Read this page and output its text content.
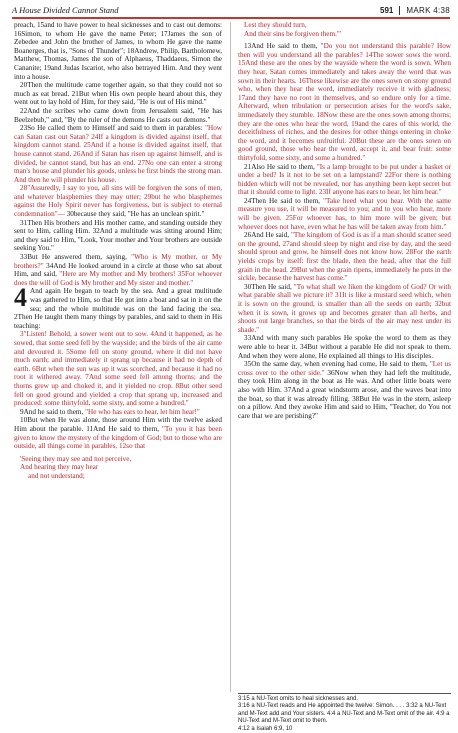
A House Divided Cannot Stand	591 MARK 4:38

preach, 15and to have power to heal sicknesses and to cast out demons: 16Simon, to whom He gave the name Peter; 17James the son of Zebedee and John the brother of James, to whom He gave the name Boanerges, that is, "Sons of Thunder"; 18Andrew, Philip, Bartholomew, Matthew, Thomas, James the son of Alphaeus, Thaddaeus, Simon the Cananite; 19and Judas Iscariot, who also betrayed Him. And they went into a house.

20Then the multitude came together again, so that they could not so much as eat bread. 21But when His own people heard about this, they went out to lay hold of Him, for they said, "He is out of His mind."

22And the scribes who came down from Jerusalem said, "He has Beelzebub," and, "By the ruler of the demons He casts out demons."

23So He called them to Himself and said to them in parables: "How can Satan cast out Satan? 24If a kingdom is divided against itself, that kingdom cannot stand. 25And if a house is divided against itself, that house cannot stand. 26And if Satan has risen up against himself, and is divided, he cannot stand, but has an end. 27No one can enter a strong man's house and plunder his goods, unless he first binds the strong man. And then he will plunder his house.

28"Assuredly, I say to you, all sins will be forgiven the sons of men, and whatever blasphemies they may utter; 29but he who blasphemes against the Holy Spirit never has forgiveness, but is subject to eternal condemnation"— 30because they said, "He has an unclean spirit."

31Then His brothers and His mother came, and standing outside they sent to Him, calling Him. 32And a multitude was sitting around Him; and they said to Him, "Look, Your mother and Your brothers are outside seeking You."

33But He answered them, saying, "Who is My mother, or My brothers?" 34And He looked around in a circle at those who sat about Him, and said, "Here are My mother and My brothers! 35For whoever does the will of God is My brother and My sister and mother."

4 And again He began to teach by the sea. And a great multitude was gathered to Him, so that He got into a boat and sat in it on the sea; and the whole multitude was on the land facing the sea. 2Then He taught them many things by parables, and said to them in His teaching:

3"Listen! Behold, a sower went out to sow. 4And it happened, as he sowed, that some seed fell by the wayside; and the birds of the air came and devoured it. 5Some fell on stony ground, where it did not have much earth; and immediately it sprang up because it had no depth of earth. 6But when the sun was up it was scorched, and because it had no root it withered away. 7And some seed fell among thorns; and the thorns grew up and choked it, and it yielded no crop. 8But other seed fell on good ground and yielded a crop that sprang up, increased and produced: some thirtyfold, some sixty, and some a hundred."

9And he said to them, "He who has ears to hear, let him hear!"

10But when He was alone, those around Him with the twelve asked Him about the parable. 11And He said to them, "To you it has been given to know the mystery of the kingdom of God; but to those who are outside, all things come in parables, 12so that

'Seeing they may see and not perceive,
And hearing they may hear
and not understand;
Lest they should turn,
And their sins be forgiven them.'"

13And He said to them, "Do you not understand this parable? How then will you understand all the parables? 14The sower sows the word. 15And these are the ones by the wayside where the word is sown. When they hear, Satan comes immediately and takes away the word that was sown in their hearts. 16These likewise are the ones sown on stony ground who, when they hear the word, immediately receive it with gladness; 17and they have no root in themselves, and so endure only for a time. Afterward, when tribulation or persecution arises for the word's sake, immediately they stumble. 18Now these are the ones sown among thorns; they are the ones who hear the word, 19and the cares of this world, the deceitfulness of riches, and the desires for other things entering in choke the word, and it becomes unfruitful. 20But these are the ones sown on good ground, those who hear the word, accept it, and bear fruit: some thirtyfold, some sixty, and some a hundred."

21Also He said to them, "Is a lamp brought to be put under a basket or under a bed? Is it not to be set on a lampstand? 22For there is nothing hidden which will not be revealed, nor has anything been kept secret but that it should come to light. 23If anyone has ears to hear, let him hear."

24Then He said to them, "Take heed what you hear. With the same measure you use, it will be measured to you; and to you who hear, more will be given. 25For whoever has, to him more will be given; but whoever does not have, even what he has will be taken away from him."

26And He said, "The kingdom of God is as if a man should scatter seed on the ground, 27and should sleep by night and rise by day, and the seed should sprout and grow, he himself does not know how. 28For the earth yields crops by itself: first the blade, then the head, after that the full grain in the head. 29But when the grain ripens, immediately he puts in the sickle, because the harvest has come."

30Then He said, "To what shall we liken the kingdom of God? Or with what parable shall we picture it? 31It is like a mustard seed which, when it is sown on the ground, is smaller than all the seeds on earth; 32but when it is sown, it grows up and becomes greater than all herbs, and shoots out large branches, so that the birds of the air may nest under its shade."

33And with many such parables He spoke the word to them as they were able to hear it. 34But without a parable He did not speak to them. And when they were alone, He explained all things to His disciples.

35On the same day, when evening had come, He said to them, "Let us cross over to the other side." 36Now when they had left the multitude, they took Him along in the boat as He was. And other little boats were also with Him. 37And a great windstorm arose, and the waves beat into the boat, so that it was already filling. 38But He was in the stern, asleep on a pillow. And they awoke Him and said to Him, "Teacher, do You not care that we are perishing?"

3:15 a NU-Text omits to heal sicknesses and.

3:16 a NU-Text reads and He appointed the twelve: Simon. . . . 3:32 a NU-Text and M-Text add and Your sisters. 4:4 a NU-Text and M-Text omit of the air. 4:9 a NU-Text and M-Text omit to them.

4:12 a Isaiah 6:9, 10
